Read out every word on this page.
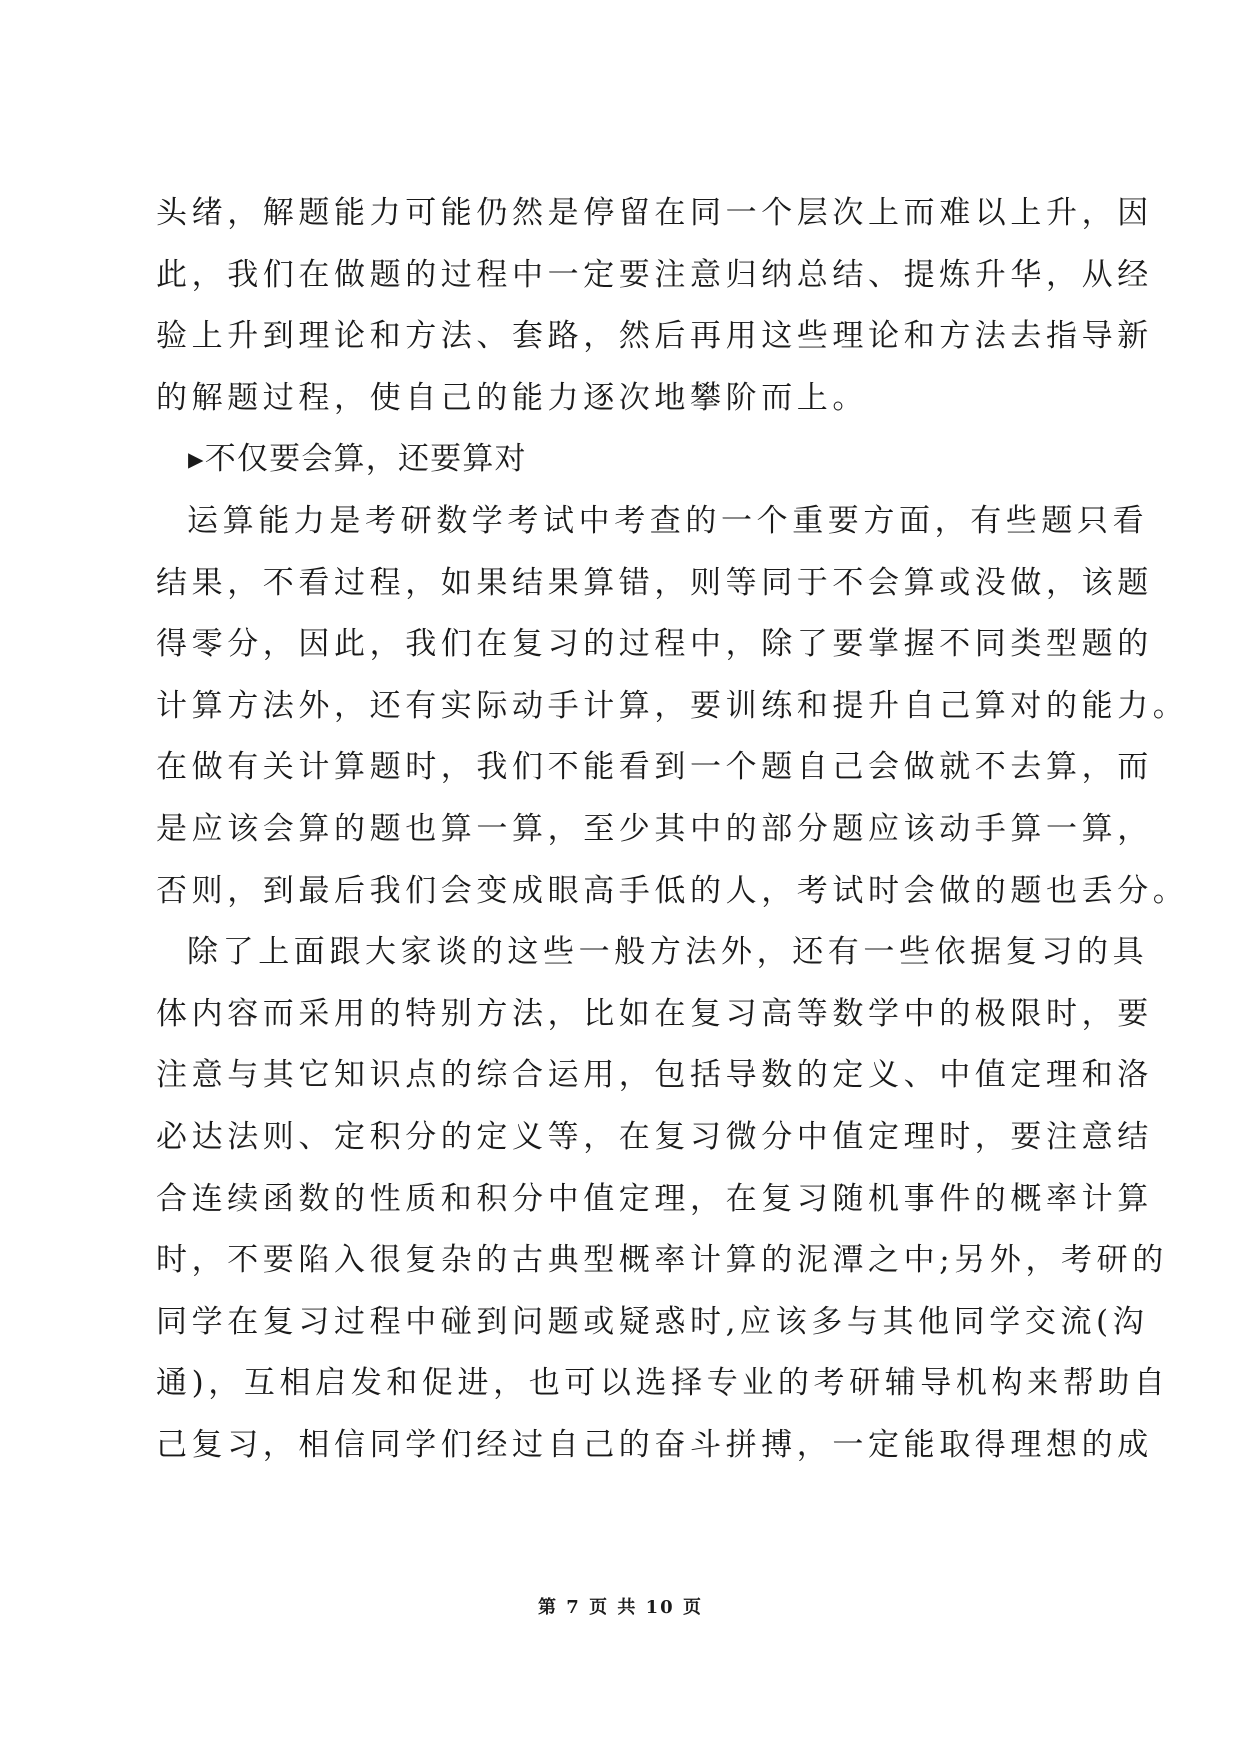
头绪，解题能力可能仍然是停留在同一个层次上而难以上升，因
此，我们在做题的过程中一定要注意归纳总结、提炼升华，从经
验上升到理论和方法、套路，然后再用这些理论和方法去指导新
的解题过程，使自己的能力逐次地攀阶而上。
▸不仅要会算，还要算对
运算能力是考研数学考试中考查的一个重要方面，有些题只看
结果，不看过程，如果结果算错，则等同于不会算或没做，该题
得零分，因此，我们在复习的过程中，除了要掌握不同类型题的
计算方法外，还有实际动手计算，要训练和提升自己算对的能力。
在做有关计算题时，我们不能看到一个题自己会做就不去算，而
是应该会算的题也算一算，至少其中的部分题应该动手算一算，
否则，到最后我们会变成眼高手低的人，考试时会做的题也丢分。
除了上面跟大家谈的这些一般方法外，还有一些依据复习的具
体内容而采用的特别方法，比如在复习高等数学中的极限时，要
注意与其它知识点的综合运用，包括导数的定义、中值定理和洛
必达法则、定积分的定义等，在复习微分中值定理时，要注意结
合连续函数的性质和积分中值定理，在复习随机事件的概率计算
时，不要陷入很复杂的古典型概率计算的泥潭之中;另外，考研的
同学在复习过程中碰到问题或疑惑时,应该多与其他同学交流(沟
通)，互相启发和促进，也可以选择专业的考研辅导机构来帮助自
己复习，相信同学们经过自己的奋斗拼搏，一定能取得理想的成
第 7 页 共 10 页
